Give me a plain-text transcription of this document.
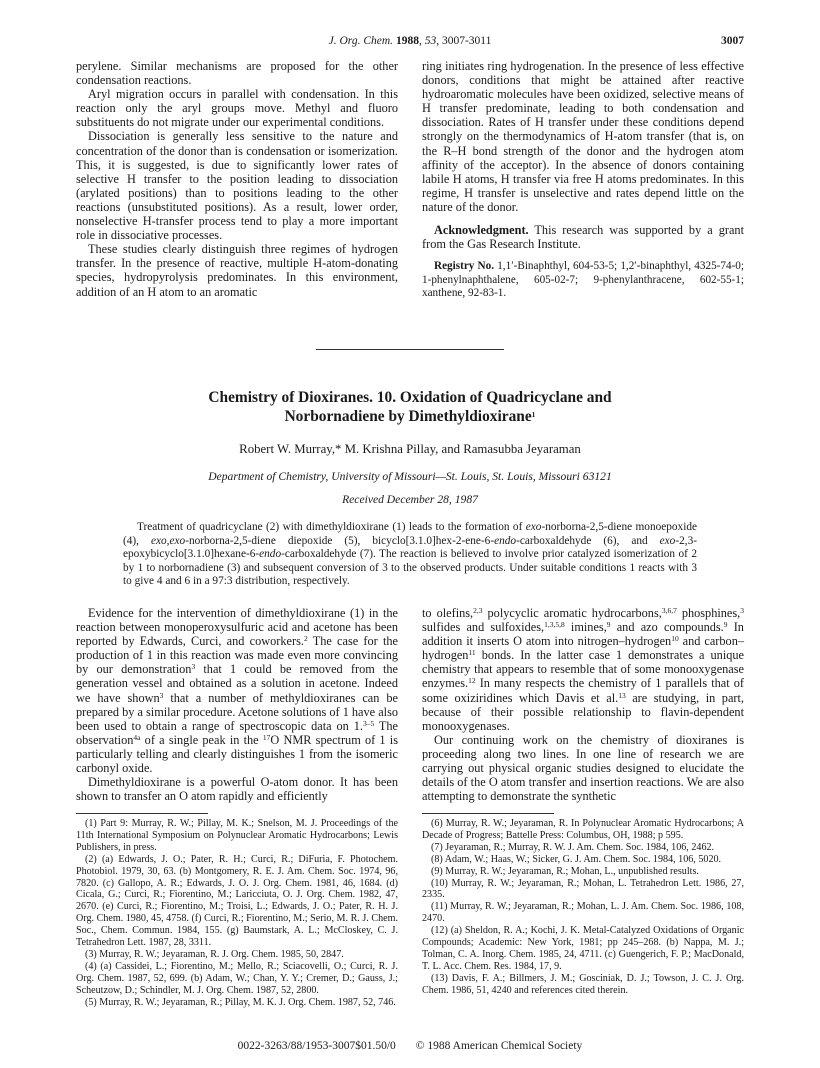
J. Org. Chem. 1988, 53, 3007-3011	3007

perylene. Similar mechanisms are proposed for the other condensation reactions.

Aryl migration occurs in parallel with condensation. In this reaction only the aryl groups move. Methyl and fluoro substituents do not migrate under our experimental conditions.

Dissociation is generally less sensitive to the nature and concentration of the donor than is condensation or isomerization. This, it is suggested, is due to significantly lower rates of selective H transfer to the position leading to dissociation (arylated positions) than to positions leading to the other reactions (unsubstituted positions). As a result, lower order, nonselective H-transfer process tend to play a more important role in dissociative processes.

These studies clearly distinguish three regimes of hydrogen transfer. In the presence of reactive, multiple H-atom-donating species, hydropyrolysis predominates. In this environment, addition of an H atom to an aromatic

ring initiates ring hydrogenation. In the presence of less effective donors, conditions that might be attained after reactive hydroaromatic molecules have been oxidized, selective means of H transfer predominate, leading to both condensation and dissociation. Rates of H transfer under these conditions depend strongly on the thermodynamics of H-atom transfer (that is, on the R–H bond strength of the donor and the hydrogen atom affinity of the acceptor). In the absence of donors containing labile H atoms, H transfer via free H atoms predominates. In this regime, H transfer is unselective and rates depend little on the nature of the donor.

Acknowledgment. This research was supported by a grant from the Gas Research Institute.

Registry No. 1,1′-Binaphthyl, 604-53-5; 1,2′-binaphthyl, 4325-74-0; 1-phenylnaphthalene, 605-02-7; 9-phenylanthracene, 602-55-1; xanthene, 92-83-1.

Chemistry of Dioxiranes. 10. Oxidation of Quadricyclane and
Norbornadiene by Dimethyldioxirane$^1$
Robert W. Murray,* M. Krishna Pillay, and Ramasubba Jeyaraman
Department of Chemistry, University of Missouri—St. Louis, St. Louis, Missouri 63121
Received December 28, 1987
Treatment of quadricyclane (2) with dimethyldioxirane (1) leads to the formation of exo-norborna-2,5-diene monoepoxide (4), exo,exo-norborna-2,5-diene diepoxide (5), bicyclo[3.1.0]hex-2-ene-6-endo-carboxaldehyde (6), and exo-2,3-epoxybicyclo[3.1.0]hexane-6-endo-carboxaldehyde (7). The reaction is believed to involve prior catalyzed isomerization of 2 by 1 to norbornadiene (3) and subsequent conversion of 3 to the observed products. Under suitable conditions 1 reacts with 3 to give 4 and 6 in a 97:3 distribution, respectively.

Evidence for the intervention of dimethyldioxirane (1) in the reaction between monoperoxysulfuric acid and acetone has been reported by Edwards, Curci, and coworkers.$^2$ The case for the production of 1 in this reaction was made even more convincing by our demonstration$^3$ that 1 could be removed from the generation vessel and obtained as a solution in acetone. Indeed we have shown$^3$ that a number of methyldioxiranes can be prepared by a similar procedure. Acetone solutions of 1 have also been used to obtain a range of spectroscopic data on 1.$^{3-5}$ The observation$^{4a}$ of a single peak in the $^{17}$O NMR spectrum of 1 is particularly telling and clearly distinguishes 1 from the isomeric carbonyl oxide.

Dimethyldioxirane is a powerful O-atom donor. It has been shown to transfer an O atom rapidly and efficiently

to olefins,$^{2,3}$ polycyclic aromatic hydrocarbons,$^{3,6,7}$ phosphines,$^3$ sulfides and sulfoxides,$^{1,3,5,8}$ imines,$^9$ and azo compounds.$^9$ In addition it inserts O atom into nitrogen–hydrogen$^{10}$ and carbon–hydrogen$^{11}$ bonds. In the latter case 1 demonstrates a unique chemistry that appears to resemble that of some monooxygenase enzymes.$^{12}$ In many respects the chemistry of 1 parallels that of some oxiziridines which Davis et al.$^{13}$ are studying, in part, because of their possible relationship to flavin-dependent monooxygenases.

Our continuing work on the chemistry of dioxiranes is proceeding along two lines. In one line of research we are carrying out physical organic studies designed to elucidate the details of the O atom transfer and insertion reactions. We are also attempting to demonstrate the synthetic

(1) Part 9: Murray, R. W.; Pillay, M. K.; Snelson, M. J. Proceedings of the 11th International Symposium on Polynuclear Aromatic Hydrocarbons; Lewis Publishers, in press.

(2) (a) Edwards, J. O.; Pater, R. H.; Curci, R.; DiFuria, F. Photochem. Photobiol. 1979, 30, 63. (b) Montgomery, R. E. J. Am. Chem. Soc. 1974, 96, 7820. (c) Gallopo, A. R.; Edwards, J. O. J. Org. Chem. 1981, 46, 1684. (d) Cicala, G.; Curci, R.; Fiorentino, M.; Laricciuta, O. J. Org. Chem. 1982, 47, 2670. (e) Curci, R.; Fiorentino, M.; Troisi, L.; Edwards, J. O.; Pater, R. H. J. Org. Chem. 1980, 45, 4758. (f) Curci, R.; Fiorentino, M.; Serio, M. R. J. Chem. Soc., Chem. Commun. 1984, 155. (g) Baumstark, A. L.; McCloskey, C. J. Tetrahedron Lett. 1987, 28, 3311.

(3) Murray, R. W.; Jeyaraman, R. J. Org. Chem. 1985, 50, 2847.

(4) (a) Cassidei, L.; Fiorentino, M.; Mello, R.; Sciacovelli, O.; Curci, R. J. Org. Chem. 1987, 52, 699. (b) Adam, W.; Chan, Y. Y.; Cremer, D.; Gauss, J.; Scheutzow, D.; Schindler, M. J. Org. Chem. 1987, 52, 2800.

(5) Murray, R. W.; Jeyaraman, R.; Pillay, M. K. J. Org. Chem. 1987, 52, 746.

(6) Murray, R. W.; Jeyaraman, R. In Polynuclear Aromatic Hydrocarbons; A Decade of Progress; Battelle Press: Columbus, OH, 1988; p 595.

(7) Jeyaraman, R.; Murray, R. W. J. Am. Chem. Soc. 1984, 106, 2462.

(8) Adam, W.; Haas, W.; Sicker, G. J. Am. Chem. Soc. 1984, 106, 5020.

(9) Murray, R. W.; Jeyaraman, R.; Mohan, L., unpublished results.

(10) Murray, R. W.; Jeyaraman, R.; Mohan, L. Tetrahedron Lett. 1986, 27, 2335.

(11) Murray, R. W.; Jeyaraman, R.; Mohan, L. J. Am. Chem. Soc. 1986, 108, 2470.

(12) (a) Sheldon, R. A.; Kochi, J. K. Metal-Catalyzed Oxidations of Organic Compounds; Academic: New York, 1981; pp 245–268. (b) Nappa, M. J.; Tolman, C. A. Inorg. Chem. 1985, 24, 4711. (c) Guengerich, F. P.; MacDonald, T. L. Acc. Chem. Res. 1984, 17, 9.

(13) Davis, F. A.; Billmers, J. M.; Gosciniak, D. J.; Towson, J. C. J. Org. Chem. 1986, 51, 4240 and references cited therein.

0022-3263/88/1953-3007$01.50/0 © 1988 American Chemical Society
